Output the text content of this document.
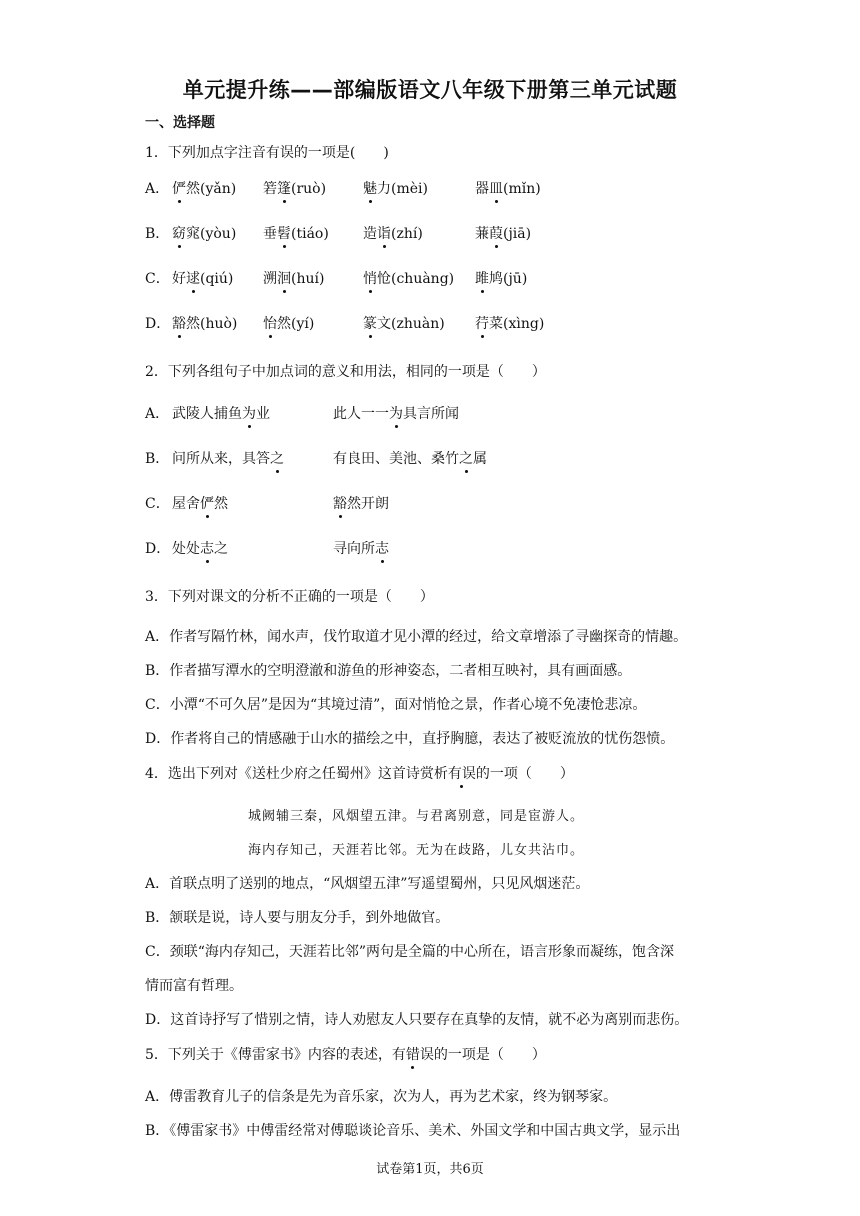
单元提升练——部编版语文八年级下册第三单元试题
一、选择题
1．下列加点字注音有误的一项是(　　)
A． 俨然(yǎn) 箬篷(ruò)	魅力(mèi)	器皿(mǐn)
B． 窈窕(yòu) 垂髫(tiáo) 造诣(zhí)	蒹葭(jiā)
C． 好逑(qiú) 溯洄(huí)	悄怆(chuàng) 雎鸠(jū)
D． 豁然(huò) 怡然(yí)	篆文(zhuàn) 荇菜(xìng)
2．下列各组句子中加点词的意义和用法，相同的一项是（　　）
A． 武陵人捕鱼为业	此人一一为具言所闻
B． 问所从来，具答之	有良田、美池、桑竹之属
C． 屋舍俨然	豁然开朗
D． 处处志之	寻向所志
3．下列对课文的分析不正确的一项是（　　）
A．作者写隔竹林，闻水声，伐竹取道才见小潭的经过，给文章增添了寻幽探奇的情趣。
B．作者描写潭水的空明澄澈和游鱼的形神姿态，二者相互映衬，具有画面感。
C．小潭“不可久居”是因为“其境过清”，面对悄怆之景，作者心境不免凄怆悲凉。
D．作者将自己的情感融于山水的描绘之中，直抒胸臆，表达了被贬流放的忧伤怨愤。
4．选出下列对《送杜少府之任蜀州》这首诗赏析有误的一项（　　）
城阙辅三秦，风烟望五津。与君离别意，同是宦游人。
海内存知己，天涯若比邻。无为在歧路，儿女共沾巾。
A．首联点明了送别的地点，“风烟望五津”写遥望蜀州，只见风烟迷茫。
B．颔联是说，诗人要与朋友分手，到外地做官。
C．颈联“海内存知己，天涯若比邻”两句是全篇的中心所在，语言形象而凝练，饱含深
情而富有哲理。
D．这首诗抒写了惜别之情，诗人劝慰友人只要存在真挚的友情，就不必为离别而悲伤。
5．下列关于《傅雷家书》内容的表述，有错误的一项是（　　）
A．傅雷教育儿子的信条是先为音乐家，次为人，再为艺术家，终为钢琴家。
B．《傅雷家书》中傅雷经常对傅聪谈论音乐、美术、外国文学和中国古典文学，显示出
试卷第1页，共6页
